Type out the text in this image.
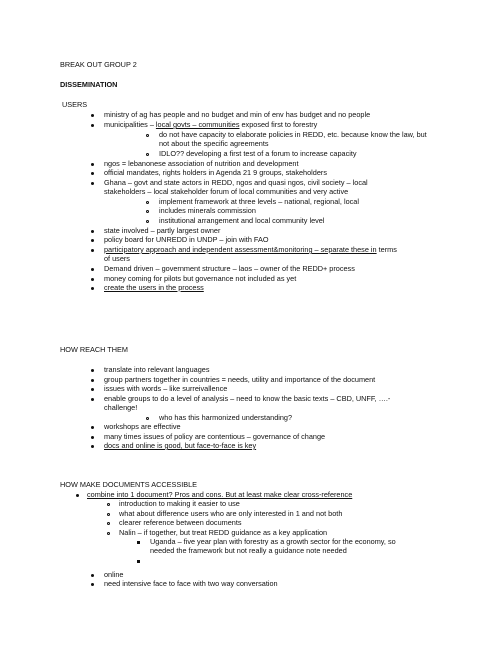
BREAK OUT GROUP 2
DISSEMINATION
USERS
ministry of ag has people and no budget and min of env has budget and no people
municipalities – local govts – communities exposed first to forestry
do not have capacity to elaborate policies in REDD, etc. because know the law, but
not about the specific agreements
IDLO?? developing a first test of a forum to increase capacity
ngos = lebanonese association of nutrition and development
official mandates, rights holders in Agenda 21 9 groups, stakeholders
Ghana – govt and state actors in REDD, ngos and quasi ngos, civil society – local
stakeholders – local stakeholder forum of local communities and very active
implement framework at three levels – national, regional, local
includes minerals commission
institutional arrangement and local community level
state involved – partly largest owner
policy board for UNREDD in UNDP – join with FAO
participatory approach and independent assessment&monitoring – separate these in terms
of users
Demand driven – government structure – laos – owner of the REDD+ process
money coming for pilots but governance not included as yet
create the users in the process
HOW REACH THEM
translate into relevant languages
group partners together in countries = needs, utility and importance of the document
issues with words – like surreivallence
enable groups to do a level of analysis – need to know the basic texts – CBD, UNFF, ….-
challenge!
who has this harmonized understanding?
workshops are effective
many times issues of policy are contentious – governance of change
docs and online is good, but face-to-face is key
HOW MAKE DOCUMENTS ACCESSIBLE
combine into 1 document? Pros and cons. But at least make clear cross-reference
introduction to making it easier to use
what about difference users who are only interested in 1 and not both
clearer reference between documents
Nalin – if together, but treat REDD guidance as a key application
Uganda – five year plan with forestry as a growth sector for the economy, so
needed the framework but not really a guidance note needed
online
need intensive face to face with two way conversation
